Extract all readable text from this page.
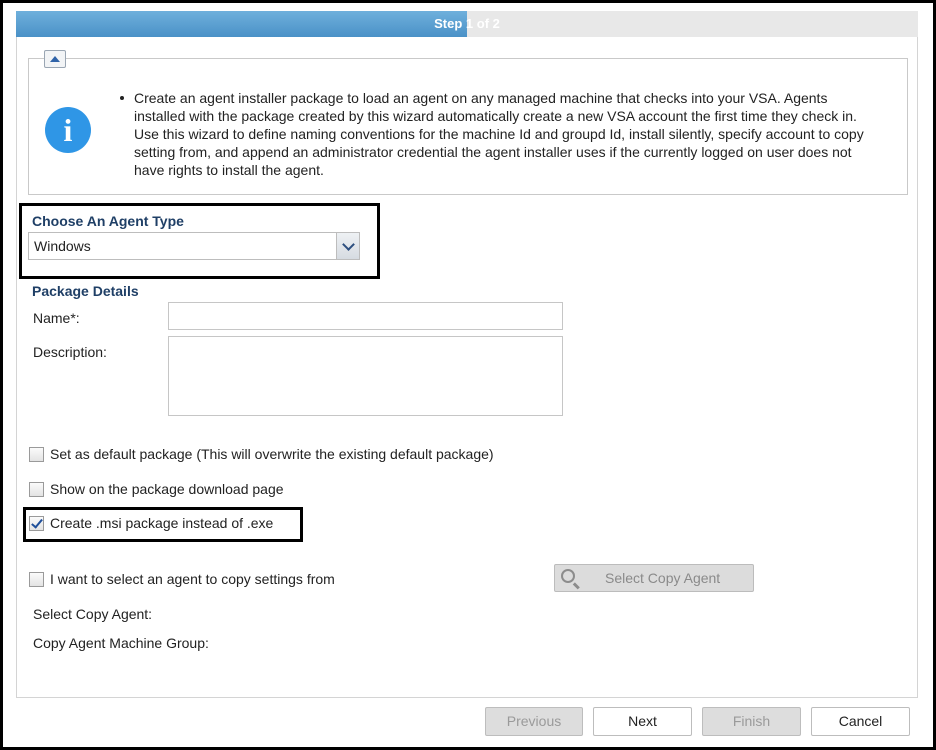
Step 1 of 2
i
Create an agent installer package to load an agent on any managed machine that checks into your VSA. Agents installed with the package created by this wizard automatically create a new VSA account the first time they check in. Use this wizard to define naming conventions for the machine Id and groupd Id, install silently, specify account to copy setting from, and append an administrator credential the agent installer uses if the currently logged on user does not have rights to install the agent.
Choose An Agent Type
Windows
Package Details
Name*:
Description:
Set as default package (This will overwrite the existing default package)
Show on the package download page
Create .msi package instead of .exe
I want to select an agent to copy settings from	Select Copy Agent
Select Copy Agent:
Copy Agent Machine Group:
Previous	Next	Finish	Cancel
